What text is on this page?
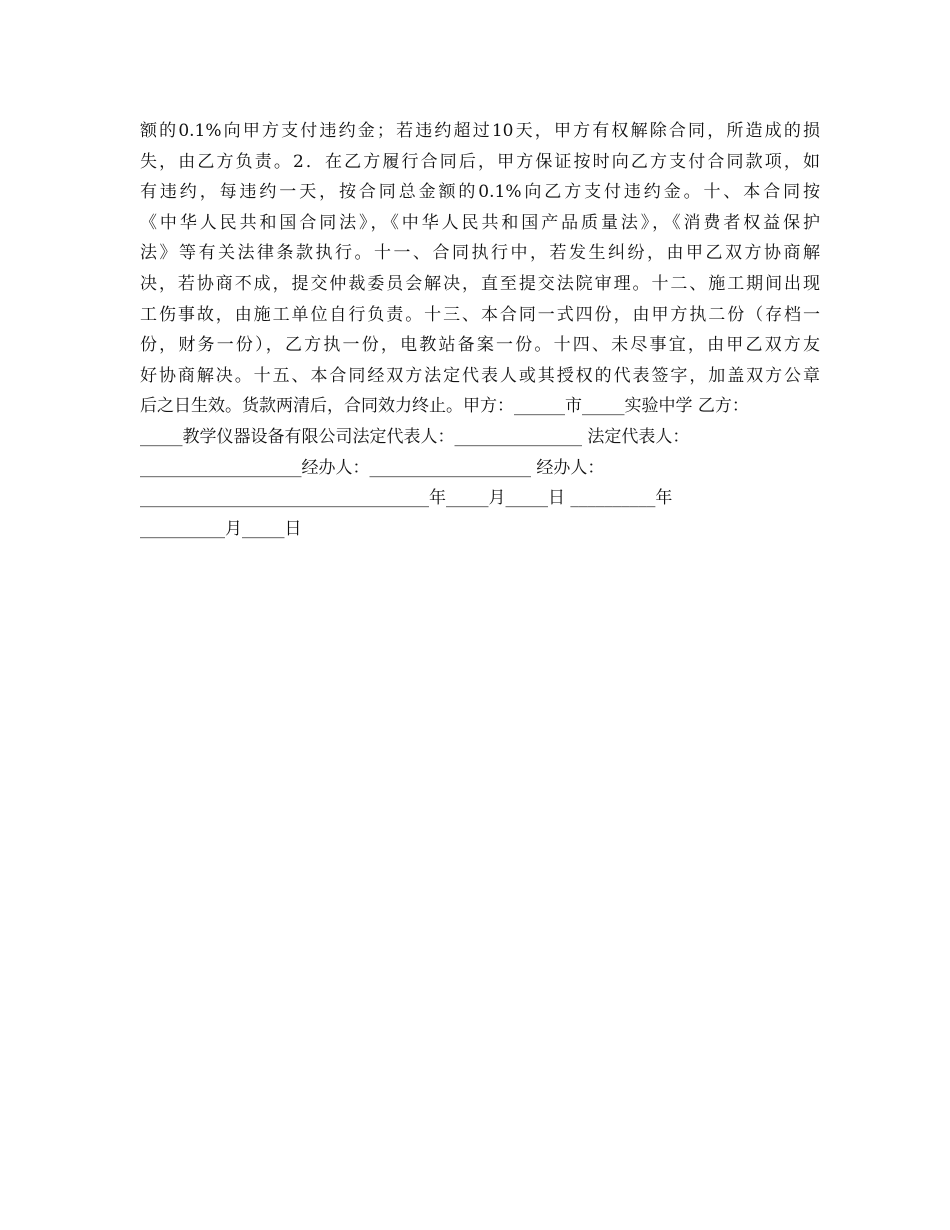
额的0.1%向甲方支付违约金；若违约超过10天，甲方有权解除合同，所造成的损
失，由乙方负责。2．在乙方履行合同后，甲方保证按时向乙方支付合同款项，如
有违约，每违约一天，按合同总金额的0.1%向乙方支付违约金。十、本合同按
《中华人民共和国合同法》，《中华人民共和国产品质量法》，《消费者权益保护
法》等有关法律条款执行。十一、合同执行中，若发生纠纷，由甲乙双方协商解
决，若协商不成，提交仲裁委员会解决，直至提交法院审理。十二、施工期间出现
工伤事故，由施工单位自行负责。十三、本合同一式四份，由甲方执二份（存档一
份，财务一份），乙方执一份，电教站备案一份。十四、未尽事宜，由甲乙双方友
好协商解决。十五、本合同经双方法定代表人或其授权的代表签字，加盖双方公章
后之日生效。货款两清后，合同效力终止。甲方：______市_____实验中学 乙方：
_____教学仪器设备有限公司法定代表人：_______________ 法定代表人：
___________________经办人：___________________ 经办人：
__________________________________年_____月_____日 __________年
__________月_____日
